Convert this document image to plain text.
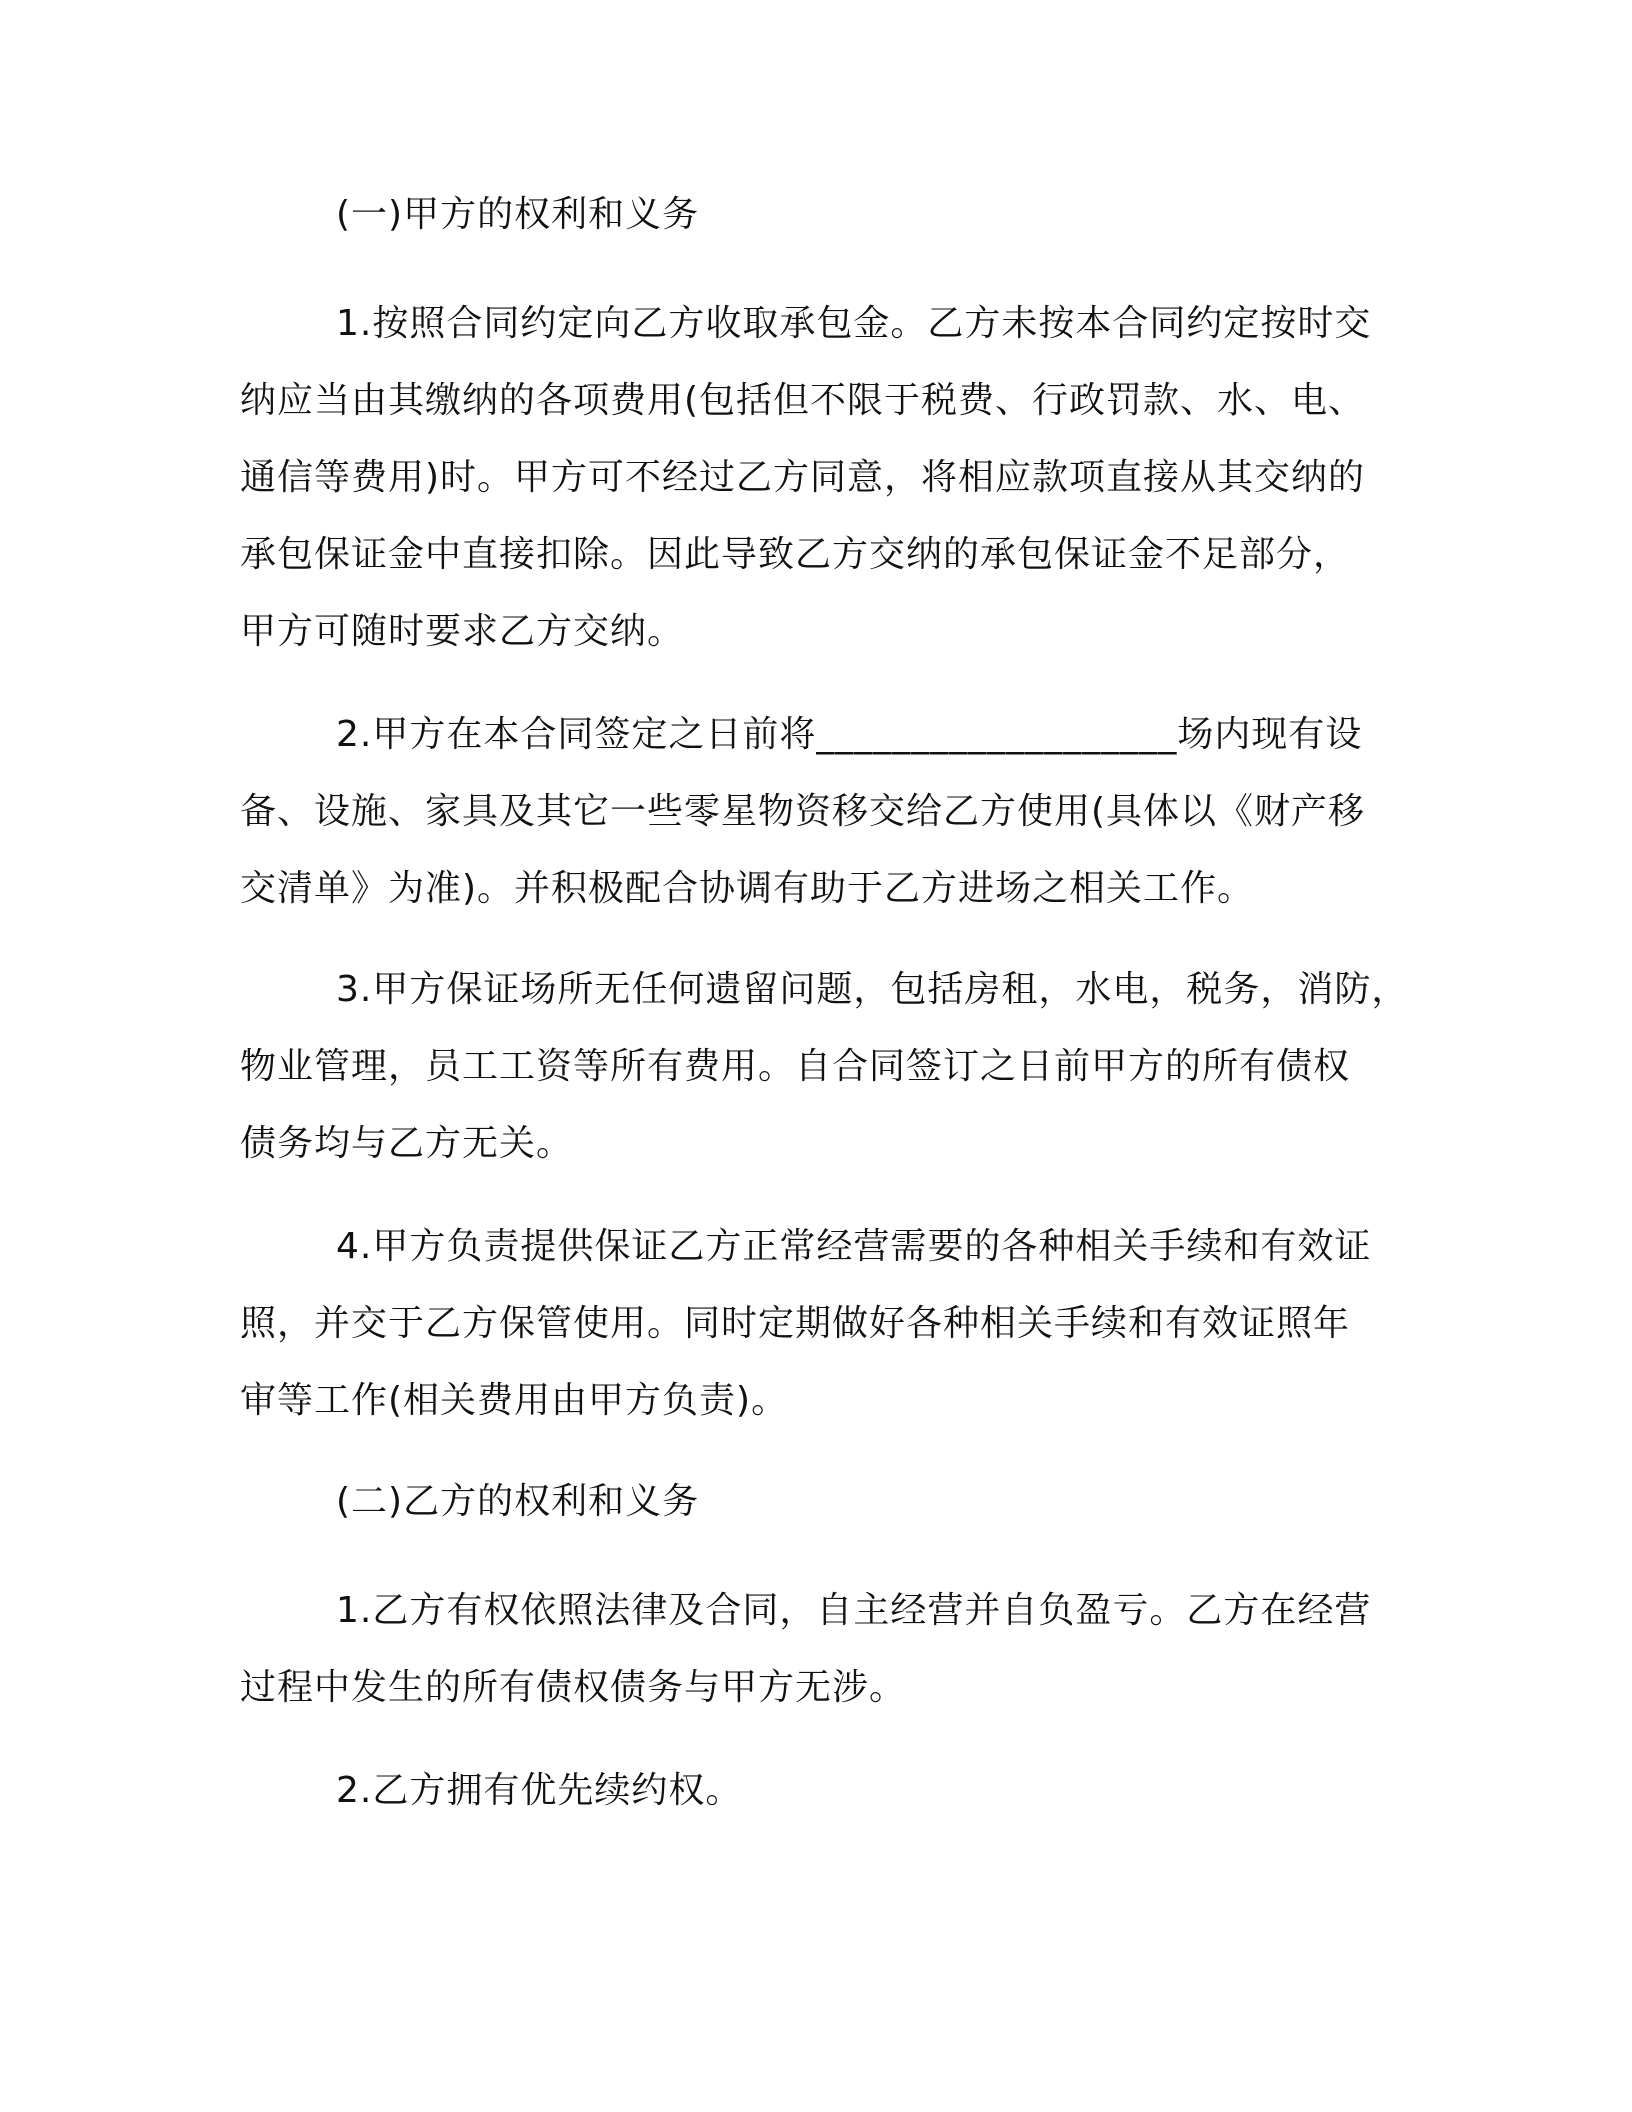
(一)甲方的权利和义务

1.按照合同约定向乙方收取承包金。乙方未按本合同约定按时交
纳应当由其缴纳的各项费用(包括但不限于税费、行政罚款、水、电、
通信等费用)时。甲方可不经过乙方同意，将相应款项直接从其交纳的
承包保证金中直接扣除。因此导致乙方交纳的承包保证金不足部分，
甲方可随时要求乙方交纳。

2.甲方在本合同签定之日前将___________________场内现有设
备、设施、家具及其它一些零星物资移交给乙方使用(具体以《财产移
交清单》为准)。并积极配合协调有助于乙方进场之相关工作。

3.甲方保证场所无任何遗留问题，包括房租，水电，税务，消防，
物业管理，员工工资等所有费用。自合同签订之日前甲方的所有债权
债务均与乙方无关。

4.甲方负责提供保证乙方正常经营需要的各种相关手续和有效证
照，并交于乙方保管使用。同时定期做好各种相关手续和有效证照年
审等工作(相关费用由甲方负责)。

(二)乙方的权利和义务

1.乙方有权依照法律及合同，自主经营并自负盈亏。乙方在经营
过程中发生的所有债权债务与甲方无涉。

2.乙方拥有优先续约权。
